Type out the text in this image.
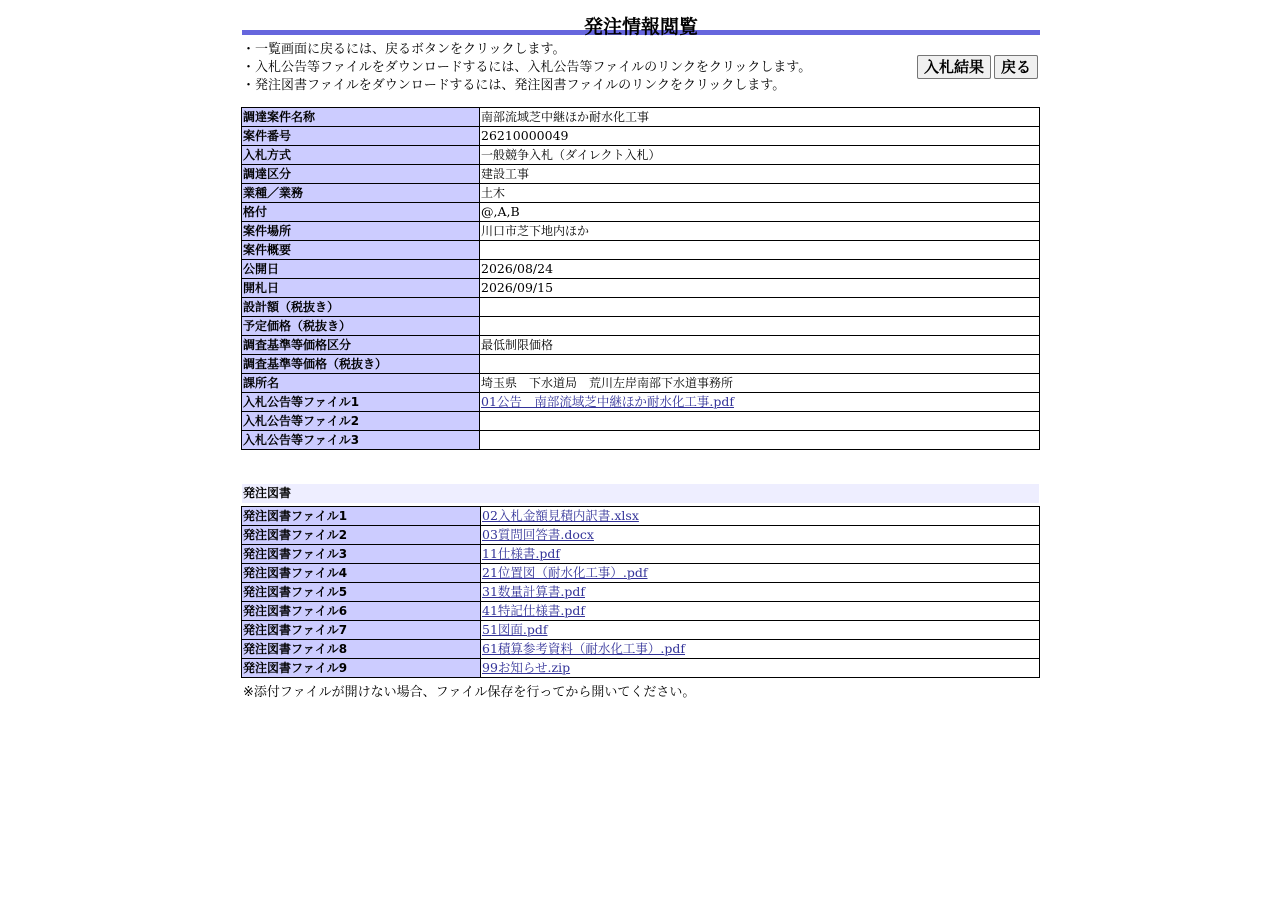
発注情報閲覧
・一覧画面に戻るには、戻るボタンをクリックします。
・入札公告等ファイルをダウンロードするには、入札公告等ファイルのリンクをクリックします。
・発注図書ファイルをダウンロードするには、発注図書ファイルのリンクをクリックします。
入札結果	戻る
調達案件名称	南部流域芝中継ほか耐水化工事
案件番号	26210000049
入札方式	一般競争入札（ダイレクト入札）
調達区分	建設工事
業種／業務	土木
格付	@,A,B
案件場所	川口市芝下地内ほか
案件概要	
公開日	2026/08/24
開札日	2026/09/15
設計額（税抜き）	
予定価格（税抜き）	
調査基準等価格区分	最低制限価格
調査基準等価格（税抜き）	
課所名	埼玉県　下水道局　荒川左岸南部下水道事務所
入札公告等ファイル1	01公告　南部流域芝中継ほか耐水化工事.pdf
入札公告等ファイル2	
入札公告等ファイル3	
発注図書
発注図書ファイル1	02入札金額見積内訳書.xlsx
発注図書ファイル2	03質問回答書.docx
発注図書ファイル3	11仕様書.pdf
発注図書ファイル4	21位置図（耐水化工事）.pdf
発注図書ファイル5	31数量計算書.pdf
発注図書ファイル6	41特記仕様書.pdf
発注図書ファイル7	51図面.pdf
発注図書ファイル8	61積算参考資料（耐水化工事）.pdf
発注図書ファイル9	99お知らせ.zip
※添付ファイルが開けない場合、ファイル保存を行ってから開いてください。
